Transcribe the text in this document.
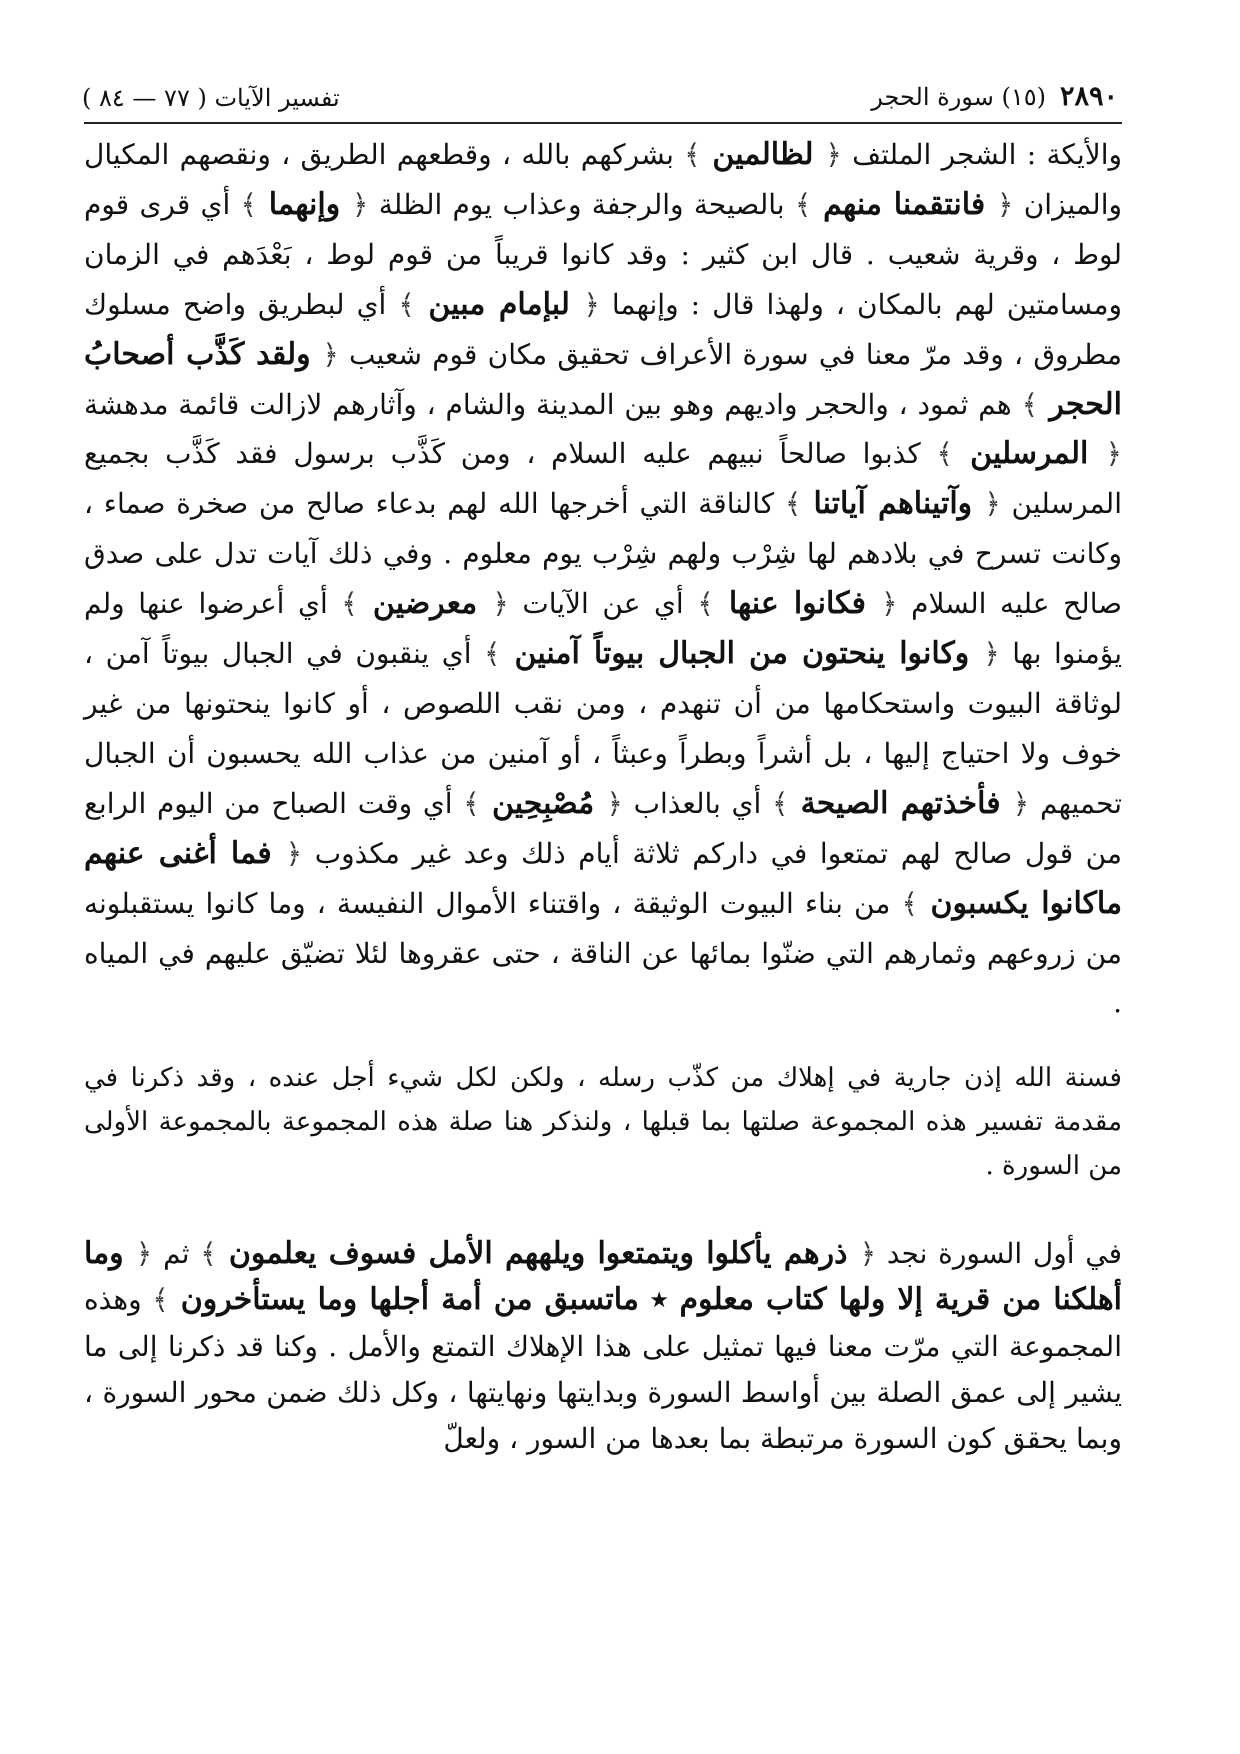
٢٨٩٠
(١٥)

سورة الحجر
تفسير الآيات ( ٧٧ — ٨٤ )
والأيكة : الشجر الملتف ﴿ لظالمين ﴾ بشركهم بالله ، وقطعهم الطريق ، ونقصهم المكيال والميزان ﴿ فانتقمنا منهم ﴾ بالصيحة والرجفة وعذاب يوم الظلة ﴿ وإنهما ﴾ أي قرى قوم لوط ، وقرية شعيب . قال ابن كثير : وقد كانوا قريباً من قوم لوط ، بَعْدَهم في الزمان ومسامتين لهم بالمكان ، ولهذا قال : وإنهما ﴿ لبإمام مبين ﴾ أي لبطريق واضح مسلوك مطروق ، وقد مرّ معنا في سورة الأعراف تحقيق مكان قوم شعيب ﴿ ولقد كَذَّب أصحابُ الحجر ﴾ هم ثمود ، والحجر واديهم وهو بين المدينة والشام ، وآثارهم لازالت قائمة مدهشة ﴿ المرسلين ﴾ كذبوا صالحاً نبيهم عليه السلام ، ومن كَذَّب برسول فقد كَذَّب بجميع المرسلين ﴿ وآتيناهم آياتنا ﴾ كالناقة التي أخرجها الله لهم بدعاء صالح من صخرة صماء ، وكانت تسرح في بلادهم لها شِرْب ولهم شِرْب يوم معلوم . وفي ذلك آيات تدل على صدق صالح عليه السلام ﴿ فكانوا عنها ﴾ أي عن الآيات ﴿ معرضين ﴾ أي أعرضوا عنها ولم يؤمنوا بها ﴿ وكانوا ينحتون من الجبال بيوتاً آمنين ﴾ أي ينقبون في الجبال بيوتاً آمن ، لوثاقة البيوت واستحكامها من أن تنهدم ، ومن نقب اللصوص ، أو كانوا ينحتونها من غير خوف ولا احتياج إليها ، بل أشراً وبطراً وعبثاً ، أو آمنين من عذاب الله يحسبون أن الجبال تحميهم ﴿ فأخذتهم الصيحة ﴾ أي بالعذاب ﴿ مُصْبِحِين ﴾ أي وقت الصباح من اليوم الرابع من قول صالح لهم تمتعوا في داركم ثلاثة أيام ذلك وعد غير مكذوب ﴿ فما أغنى عنهم ماكانوا يكسبون ﴾ من بناء البيوت الوثيقة ، واقتناء الأموال النفيسة ، وما كانوا يستقبلونه من زروعهم وثمارهم التي ضنّوا بمائها عن الناقة ، حتى عقروها لئلا تضيّق عليهم في المياه .
فسنة الله إذن جارية في إهلاك من كذّب رسله ، ولكن لكل شيء أجل عنده ، وقد ذكرنا في مقدمة تفسير هذه المجموعة صلتها بما قبلها ، ولنذكر هنا صلة هذه المجموعة بالمجموعة الأولى من السورة .
في أول السورة نجد ﴿ ذرهم يأكلوا ويتمتعوا ويلههم الأمل فسوف يعلمون ﴾ ثم ﴿ وما أهلكنا من قرية إلا ولها كتاب معلوم ٭ ماتسبق من أمة أجلها وما يستأخرون ﴾ وهذه المجموعة التي مرّت معنا فيها تمثيل على هذا الإهلاك التمتع والأمل . وكنا قد ذكرنا إلى ما يشير إلى عمق الصلة بين أواسط السورة وبدايتها ونهايتها ، وكل ذلك ضمن محور السورة ، وبما يحقق كون السورة مرتبطة بما بعدها من السور ، ولعلّ
